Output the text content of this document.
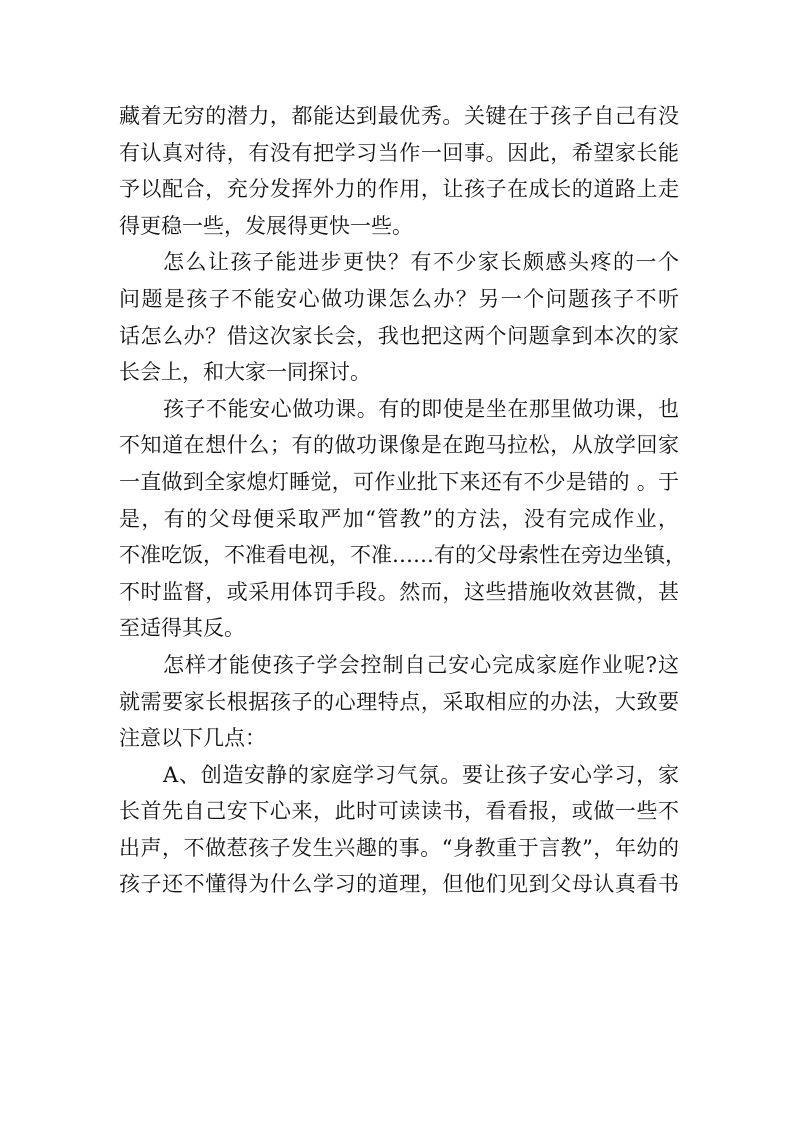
藏着无穷的潜力，都能达到最优秀。关键在于孩子自己有没
有认真对待，有没有把学习当作一回事。因此，希望家长能
予以配合，充分发挥外力的作用，让孩子在成长的道路上走
得更稳一些，发展得更快一些。
怎么让孩子能进步更快？有不少家长颇感头疼的一个
问题是孩子不能安心做功课怎么办？另一个问题孩子不听
话怎么办？借这次家长会，我也把这两个问题拿到本次的家
长会上，和大家一同探讨。
孩子不能安心做功课。有的即使是坐在那里做功课，也
不知道在想什么；有的做功课像是在跑马拉松，从放学回家
一直做到全家熄灯睡觉，可作业批下来还有不少是错的 。于
是，有的父母便采取严加“管教”的方法，没有完成作业，
不准吃饭，不准看电视，不准……有的父母索性在旁边坐镇，
不时监督，或采用体罚手段。然而，这些措施收效甚微，甚
至适得其反。
怎样才能使孩子学会控制自己安心完成家庭作业呢?这
就需要家长根据孩子的心理特点，采取相应的办法，大致要
注意以下几点：
A、创造安静的家庭学习气氛。要让孩子安心学习，家
长首先自己安下心来，此时可读读书，看看报，或做一些不
出声，不做惹孩子发生兴趣的事。“身教重于言教”，年幼的
孩子还不懂得为什么学习的道理，但他们见到父母认真看书
